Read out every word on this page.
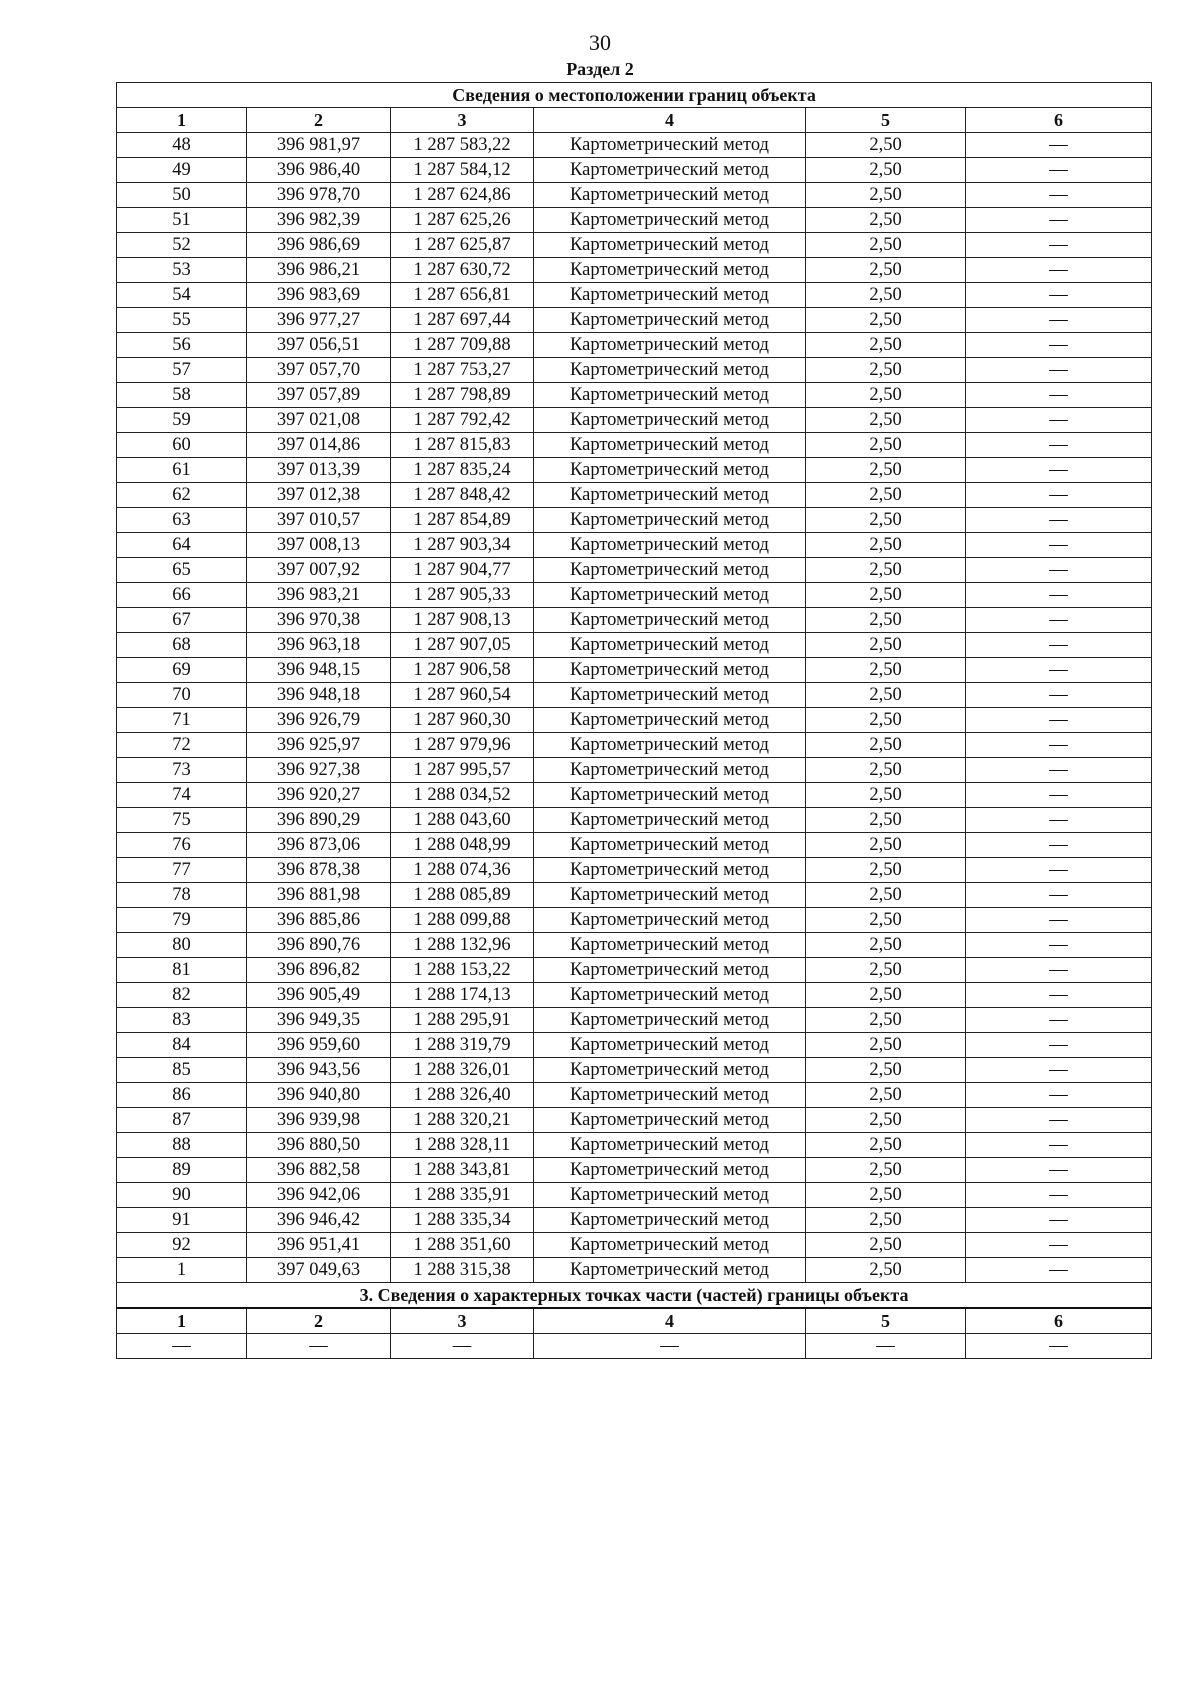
30
Раздел 2
Сведения о местоположении границ объекта					
1	2	3	4	5	6
48	396 981,97	1 287 583,22	Картометрический метод	2,50	—
49	396 986,40	1 287 584,12	Картометрический метод	2,50	—
50	396 978,70	1 287 624,86	Картометрический метод	2,50	—
51	396 982,39	1 287 625,26	Картометрический метод	2,50	—
52	396 986,69	1 287 625,87	Картометрический метод	2,50	—
53	396 986,21	1 287 630,72	Картометрический метод	2,50	—
54	396 983,69	1 287 656,81	Картометрический метод	2,50	—
55	396 977,27	1 287 697,44	Картометрический метод	2,50	—
56	397 056,51	1 287 709,88	Картометрический метод	2,50	—
57	397 057,70	1 287 753,27	Картометрический метод	2,50	—
58	397 057,89	1 287 798,89	Картометрический метод	2,50	—
59	397 021,08	1 287 792,42	Картометрический метод	2,50	—
60	397 014,86	1 287 815,83	Картометрический метод	2,50	—
61	397 013,39	1 287 835,24	Картометрический метод	2,50	—
62	397 012,38	1 287 848,42	Картометрический метод	2,50	—
63	397 010,57	1 287 854,89	Картометрический метод	2,50	—
64	397 008,13	1 287 903,34	Картометрический метод	2,50	—
65	397 007,92	1 287 904,77	Картометрический метод	2,50	—
66	396 983,21	1 287 905,33	Картометрический метод	2,50	—
67	396 970,38	1 287 908,13	Картометрический метод	2,50	—
68	396 963,18	1 287 907,05	Картометрический метод	2,50	—
69	396 948,15	1 287 906,58	Картометрический метод	2,50	—
70	396 948,18	1 287 960,54	Картометрический метод	2,50	—
71	396 926,79	1 287 960,30	Картометрический метод	2,50	—
72	396 925,97	1 287 979,96	Картометрический метод	2,50	—
73	396 927,38	1 287 995,57	Картометрический метод	2,50	—
74	396 920,27	1 288 034,52	Картометрический метод	2,50	—
75	396 890,29	1 288 043,60	Картометрический метод	2,50	—
76	396 873,06	1 288 048,99	Картометрический метод	2,50	—
77	396 878,38	1 288 074,36	Картометрический метод	2,50	—
78	396 881,98	1 288 085,89	Картометрический метод	2,50	—
79	396 885,86	1 288 099,88	Картометрический метод	2,50	—
80	396 890,76	1 288 132,96	Картометрический метод	2,50	—
81	396 896,82	1 288 153,22	Картометрический метод	2,50	—
82	396 905,49	1 288 174,13	Картометрический метод	2,50	—
83	396 949,35	1 288 295,91	Картометрический метод	2,50	—
84	396 959,60	1 288 319,79	Картометрический метод	2,50	—
85	396 943,56	1 288 326,01	Картометрический метод	2,50	—
86	396 940,80	1 288 326,40	Картометрический метод	2,50	—
87	396 939,98	1 288 320,21	Картометрический метод	2,50	—
88	396 880,50	1 288 328,11	Картометрический метод	2,50	—
89	396 882,58	1 288 343,81	Картометрический метод	2,50	—
90	396 942,06	1 288 335,91	Картометрический метод	2,50	—
91	396 946,42	1 288 335,34	Картометрический метод	2,50	—
92	396 951,41	1 288 351,60	Картометрический метод	2,50	—
1	397 049,63	1 288 315,38	Картометрический метод	2,50	—
3. Сведения о характерных точках части (частей) границы объекта					
1	2	3	4	5	6
—	—	—	—	—	—
